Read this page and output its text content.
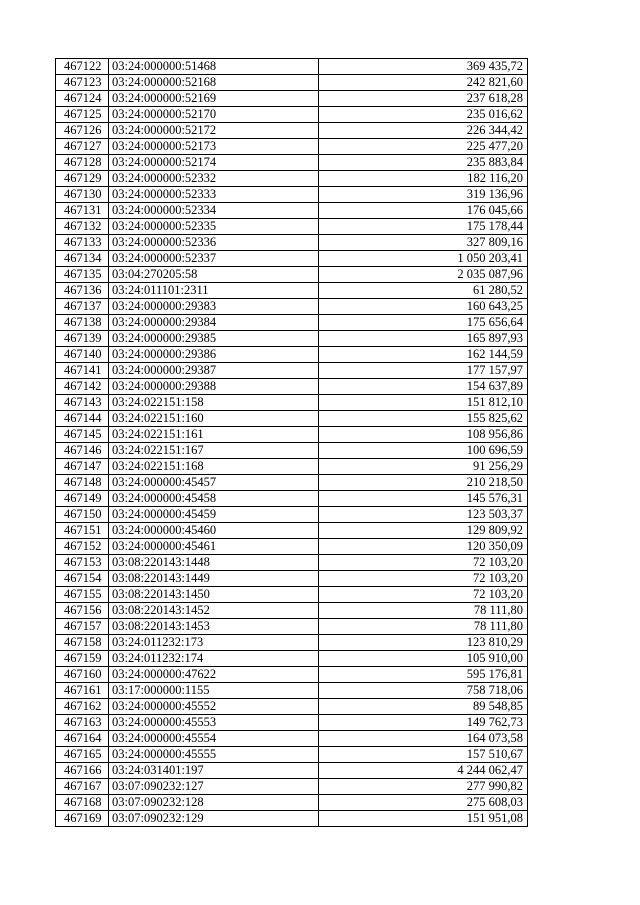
467122	03:24:000000:51468	369 435,72
467123	03:24:000000:52168	242 821,60
467124	03:24:000000:52169	237 618,28
467125	03:24:000000:52170	235 016,62
467126	03:24:000000:52172	226 344,42
467127	03:24:000000:52173	225 477,20
467128	03:24:000000:52174	235 883,84
467129	03:24:000000:52332	182 116,20
467130	03:24:000000:52333	319 136,96
467131	03:24:000000:52334	176 045,66
467132	03:24:000000:52335	175 178,44
467133	03:24:000000:52336	327 809,16
467134	03:24:000000:52337	1 050 203,41
467135	03:04:270205:58	2 035 087,96
467136	03:24:011101:2311	61 280,52
467137	03:24:000000:29383	160 643,25
467138	03:24:000000:29384	175 656,64
467139	03:24:000000:29385	165 897,93
467140	03:24:000000:29386	162 144,59
467141	03:24:000000:29387	177 157,97
467142	03:24:000000:29388	154 637,89
467143	03:24:022151:158	151 812,10
467144	03:24:022151:160	155 825,62
467145	03:24:022151:161	108 956,86
467146	03:24:022151:167	100 696,59
467147	03:24:022151:168	91 256,29
467148	03:24:000000:45457	210 218,50
467149	03:24:000000:45458	145 576,31
467150	03:24:000000:45459	123 503,37
467151	03:24:000000:45460	129 809,92
467152	03:24:000000:45461	120 350,09
467153	03:08:220143:1448	72 103,20
467154	03:08:220143:1449	72 103,20
467155	03:08:220143:1450	72 103,20
467156	03:08:220143:1452	78 111,80
467157	03:08:220143:1453	78 111,80
467158	03:24:011232:173	123 810,29
467159	03:24:011232:174	105 910,00
467160	03:24:000000:47622	595 176,81
467161	03:17:000000:1155	758 718,06
467162	03:24:000000:45552	89 548,85
467163	03:24:000000:45553	149 762,73
467164	03:24:000000:45554	164 073,58
467165	03:24:000000:45555	157 510,67
467166	03:24:031401:197	4 244 062,47
467167	03:07:090232:127	277 990,82
467168	03:07:090232:128	275 608,03
467169	03:07:090232:129	151 951,08
